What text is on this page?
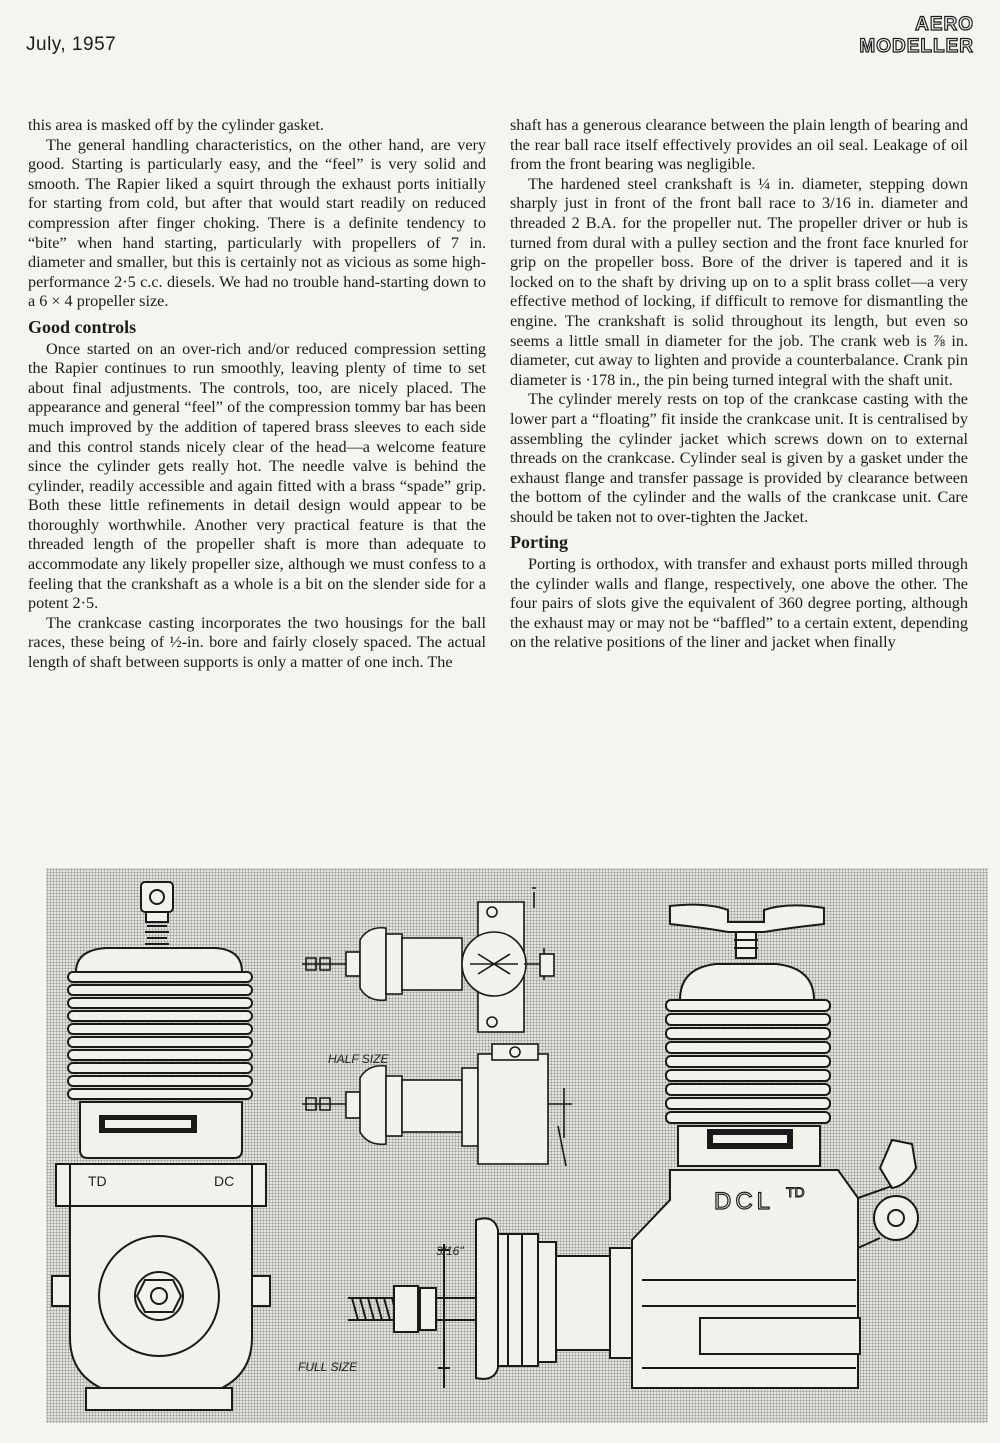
July, 1957
AERO
MODELLER

this area is masked off by the cylinder gasket.

The general handling characteristics, on the other hand, are very good. Starting is particularly easy, and the “feel” is very solid and smooth. The Rapier liked a squirt through the exhaust ports initially for starting from cold, but after that would start readily on reduced compression after finger choking. There is a definite tendency to “bite” when hand starting, particularly with propellers of 7 in. diameter and smaller, but this is certainly not as vicious as some high-performance 2·5 c.c. diesels. We had no trouble hand-starting down to a 6 × 4 propeller size.

Good controls

Once started on an over-rich and/or reduced compression setting the Rapier continues to run smoothly, leaving plenty of time to set about final adjustments. The controls, too, are nicely placed. The appearance and general “feel” of the compression tommy bar has been much improved by the addition of tapered brass sleeves to each side and this control stands nicely clear of the head—a welcome feature since the cylinder gets really hot. The needle valve is behind the cylinder, readily accessible and again fitted with a brass “spade” grip. Both these little refinements in detail design would appear to be thoroughly worthwhile. Another very practical feature is that the threaded length of the propeller shaft is more than adequate to accommodate any likely propeller size, although we must confess to a feeling that the crankshaft as a whole is a bit on the slender side for a potent 2·5.

The crankcase casting incorporates the two housings for the ball races, these being of ½-in. bore and fairly closely spaced. The actual length of shaft between supports is only a matter of one inch. The

shaft has a generous clearance between the plain length of bearing and the rear ball race itself effectively provides an oil seal. Leakage of oil from the front bearing was negligible.

The hardened steel crankshaft is ¼ in. diameter, stepping down sharply just in front of the front ball race to 3/16 in. diameter and threaded 2 B.A. for the propeller nut. The propeller driver or hub is turned from dural with a pulley section and the front face knurled for grip on the propeller boss. Bore of the driver is tapered and it is locked on to the shaft by driving up on to a split brass collet—a very effective method of locking, if difficult to remove for dismantling the engine. The crankshaft is solid throughout its length, but even so seems a little small in diameter for the job. The crank web is ⅞ in. diameter, cut away to lighten and provide a counterbalance. Crank pin diameter is ·178 in., the pin being turned integral with the shaft unit.

The cylinder merely rests on top of the crankcase casting with the lower part a “floating” fit inside the crankcase unit. It is centralised by assembling the cylinder jacket which screws down on to external threads on the crankcase. Cylinder seal is given by a gasket under the exhaust flange and transfer passage is provided by clearance between the bottom of the cylinder and the walls of the crankcase unit. Care should be taken not to over-tighten the Jacket.

Porting

Porting is orthodox, with transfer and exhaust ports milled through the cylinder walls and flange, respectively, one above the other. The four pairs of slots give the equivalent of 360 degree porting, although the exhaust may or may not be “baffled” to a certain extent, depending on the relative positions of the liner and jacket when finally

HALF SIZE
FULL SIZE
3/16"
DCL TD
TD	DC
